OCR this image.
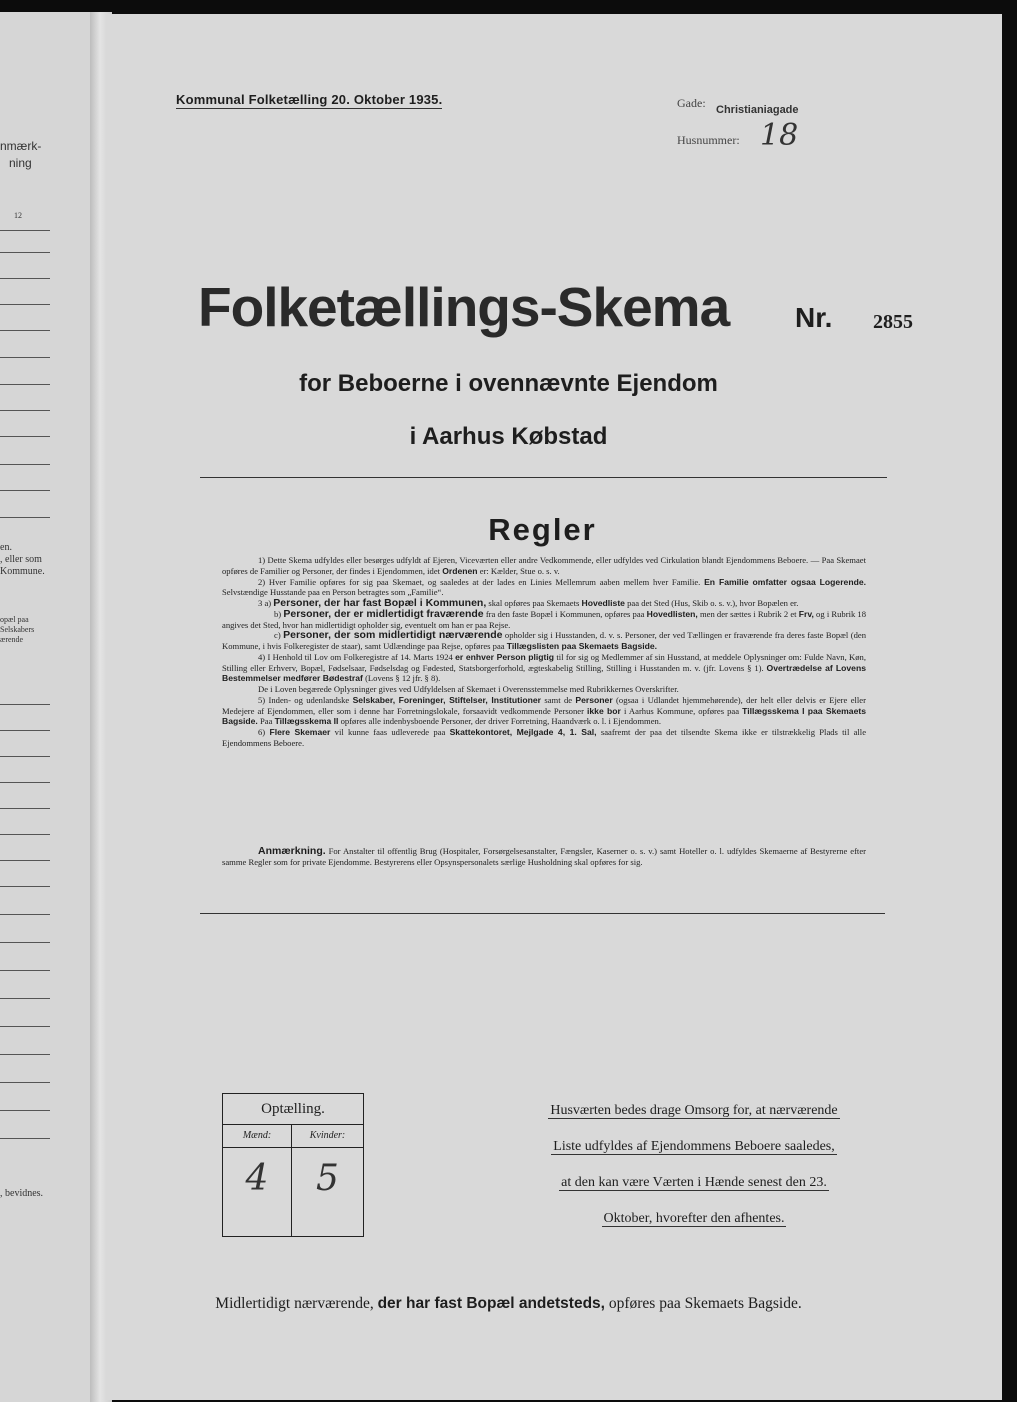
nmærk-
ning
12
en.
, eller som
Kommune.
opæl paa
Selskabers
ærende
, bevidnes.
Kommunal Folketælling 20. Oktober 1935.	Gade: Christianiagade
Husnummer: 18
Folketællings-Skema Nr. 2855
for Beboerne i ovennævnte Ejendom
i Aarhus Købstad
Regler

1) Dette Skema udfyldes eller besørges udfyldt af Ejeren, Viceværten eller andre Vedkommende, eller udfyldes ved Cirkulation blandt Ejendommens Beboere. — Paa Skemaet opføres de Familier og Personer, der findes i Ejendommen, idet Ordenen er: Kælder, Stue o. s. v.

2) Hver Familie opføres for sig paa Skemaet, og saaledes at der lades en Linies Mellemrum aaben mellem hver Familie. En Familie omfatter ogsaa Logerende. Selvstændige Husstande paa en Person betragtes som „Familie“.

3 a) Personer, der har fast Bopæl i Kommunen, skal opføres paa Skemaets Hovedliste paa det Sted (Hus, Skib o. s. v.), hvor Bopælen er.

b) Personer, der er midlertidigt fraværende fra den faste Bopæl i Kommunen, opføres paa Hovedlisten, men der sættes i Rubrik 2 et Frv, og i Rubrik 18 angives det Sted, hvor han midlertidigt opholder sig, eventuelt om han er paa Rejse.

c) Personer, der som midlertidigt nærværende opholder sig i Husstanden, d. v. s. Personer, der ved Tællingen er fraværende fra deres faste Bopæl (den Kommune, i hvis Folkeregister de staar), samt Udlændinge paa Rejse, opføres paa Tillægslisten paa Skemaets Bagside.

4) I Henhold til Lov om Folkeregistre af 14. Marts 1924 er enhver Person pligtig til for sig og Medlemmer af sin Husstand, at meddele Oplysninger om: Fulde Navn, Køn, Stilling eller Erhverv, Bopæl, Fødselsaar, Fødselsdag og Fødested, Statsborgerforhold, ægteskabelig Stilling, Stilling i Husstanden m. v. (jfr. Lovens § 1). Overtrædelse af Lovens Bestemmelser medfører Bødestraf (Lovens § 12 jfr. § 8).

De i Loven begærede Oplysninger gives ved Udfyldelsen af Skemaet i Overensstemmelse med Rubrikkernes Overskrifter.

5) Inden- og udenlandske Selskaber, Foreninger, Stiftelser, Institutioner samt de Personer (ogsaa i Udlandet hjemmehørende), der helt eller delvis er Ejere eller Medejere af Ejendommen, eller som i denne har Forretningslokale, forsaavidt vedkommende Personer ikke bor i Aarhus Kommune, opføres paa Tillægsskema I paa Skemaets Bagside. Paa Tillægsskema II opføres alle indenbysboende Personer, der driver Forretning, Haandværk o. l. i Ejendommen.

6) Flere Skemaer vil kunne faas udleverede paa Skattekontoret, Mejlgade 4, 1. Sal, saafremt der paa det tilsendte Skema ikke er tilstrækkelig Plads til alle Ejendommens Beboere.

Anmærkning. For Anstalter til offentlig Brug (Hospitaler, Forsørgelsesanstalter, Fængsler, Kaserner o. s. v.) samt Hoteller o. l. udfyldes Skemaerne af Bestyrerne efter samme Regler som for private Ejendomme. Bestyrerens eller Opsynspersonalets særlige Husholdning skal opføres for sig.
Optælling.
Mænd:
4
Kvinder:
5
Husværten bedes drage Omsorg for, at nærværende
Liste udfyldes af Ejendommens Beboere saaledes,
at den kan være Værten i Hænde senest den 23.
Oktober, hvorefter den afhentes.
Midlertidigt nærværende, der har fast Bopæl andetsteds, opføres paa Skemaets Bagside.
